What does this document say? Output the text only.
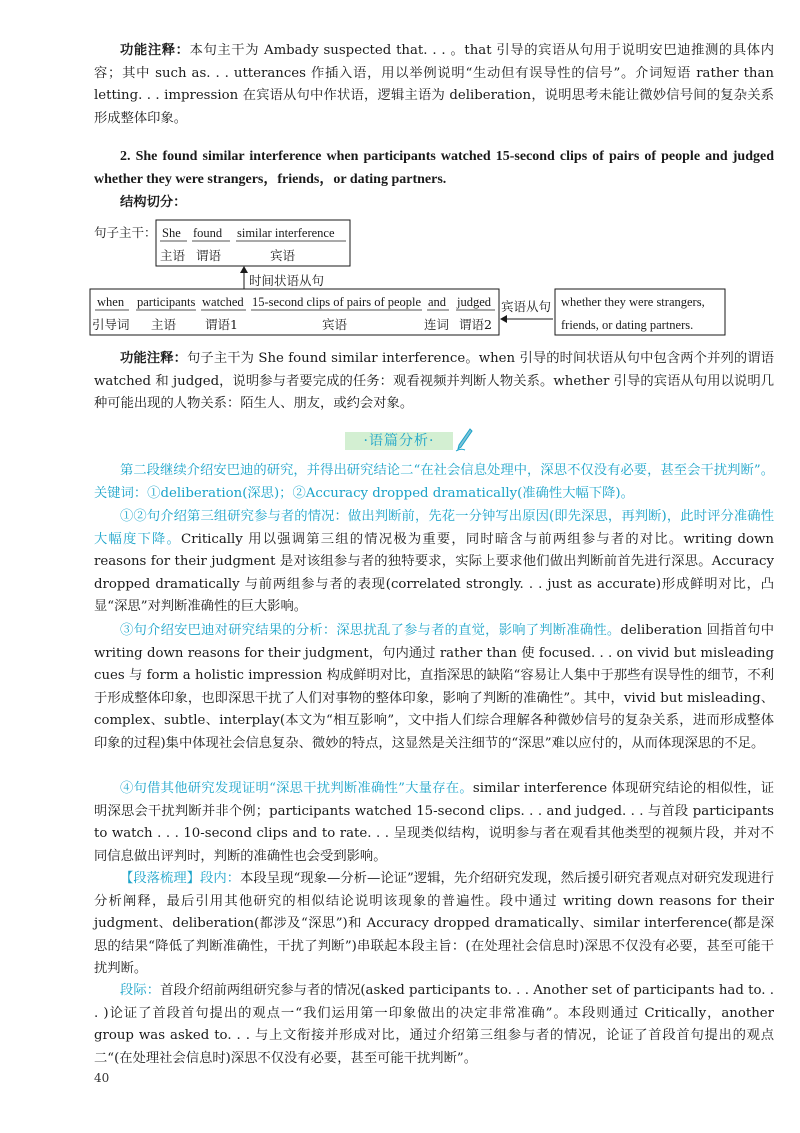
功能注释：本句主干为 Ambady suspected that. . . 。that 引导的宾语从句用于说明安巴迪推测的具体内容；其中 such as. . . utterances 作插入语，用以举例说明“生动但有误导性的信号”。介词短语 rather than letting. . . impression 在宾语从句中作状语，逻辑主语为 deliberation，说明思考未能让微妙信号间的复杂关系形成整体印象。

2. She found similar interference when participants watched 15-second clips of pairs of people and judged whether they were strangers，friends，or dating partners.

结构切分：

句子主干： She found similar interference
主语 谓语	宾语
时间状语从句
when participants watched 15-second clips of pairs of people and judged
引导词 主语 谓语1	宾语	连词 谓语2
宾语从句 whether they were strangers,
friends, or dating partners.

功能注释：句子主干为 She found similar interference。when 引导的时间状语从句中包含两个并列的谓语 watched 和 judged，说明参与者要完成的任务：观看视频并判断人物关系。whether 引导的宾语从句用以说明几种可能出现的人物关系：陌生人、朋友，或约会对象。

·语篇分析·

第二段继续介绍安巴迪的研究，并得出研究结论二“在社会信息处理中，深思不仅没有必要，甚至会干扰判断”。关键词：①deliberation(深思)；②Accuracy dropped dramatically(准确性大幅下降)。

①②句介绍第三组研究参与者的情况：做出判断前，先花一分钟写出原因(即先深思，再判断)，此时评分准确性大幅度下降。Critically 用以强调第三组的情况极为重要，同时暗含与前两组参与者的对比。writing down reasons for their judgment 是对该组参与者的独特要求，实际上要求他们做出判断前首先进行深思。Accuracy dropped dramatically 与前两组参与者的表现(correlated strongly. . . just as accurate)形成鲜明对比，凸显“深思”对判断准确性的巨大影响。

③句介绍安巴迪对研究结果的分析：深思扰乱了参与者的直觉，影响了判断准确性。deliberation 回指首句中 writing down reasons for their judgment，句内通过 rather than 使 focused. . . on vivid but misleading cues 与 form a holistic impression 构成鲜明对比，直指深思的缺陷“容易让人集中于那些有误导性的细节，不利于形成整体印象，也即深思干扰了人们对事物的整体印象，影响了判断的准确性”。其中，vivid but misleading、complex、subtle、interplay(本文为“相互影响”，文中指人们综合理解各种微妙信号的复杂关系，进而形成整体印象的过程)集中体现社会信息复杂、微妙的特点，这显然是关注细节的“深思”难以应付的，从而体现深思的不足。

④句借其他研究发现证明“深思干扰判断准确性”大量存在。similar interference 体现研究结论的相似性，证明深思会干扰判断并非个例；participants watched 15-second clips. . . and judged. . . 与首段 participants to watch . . . 10-second clips and to rate. . . 呈现类似结构，说明参与者在观看其他类型的视频片段，并对不同信息做出评判时，判断的准确性也会受到影响。

【段落梳理】段内：本段呈现“现象—分析—论证”逻辑，先介绍研究发现，然后援引研究者观点对研究发现进行分析阐释，最后引用其他研究的相似结论说明该现象的普遍性。段中通过 writing down reasons for their judgment、deliberation(都涉及“深思”)和 Accuracy dropped dramatically、similar interference(都是深思的结果“降低了判断准确性，干扰了判断”)串联起本段主旨：(在处理社会信息时)深思不仅没有必要，甚至可能干扰判断。

段际：首段介绍前两组研究参与者的情况(asked participants to. . . Another set of participants had to. . . )论证了首段首句提出的观点一“我们运用第一印象做出的决定非常准确”。本段则通过 Critically，another group was asked to. . . 与上文衔接并形成对比，通过介绍第三组参与者的情况，论证了首段首句提出的观点二“(在处理社会信息时)深思不仅没有必要，甚至可能干扰判断”。

40
